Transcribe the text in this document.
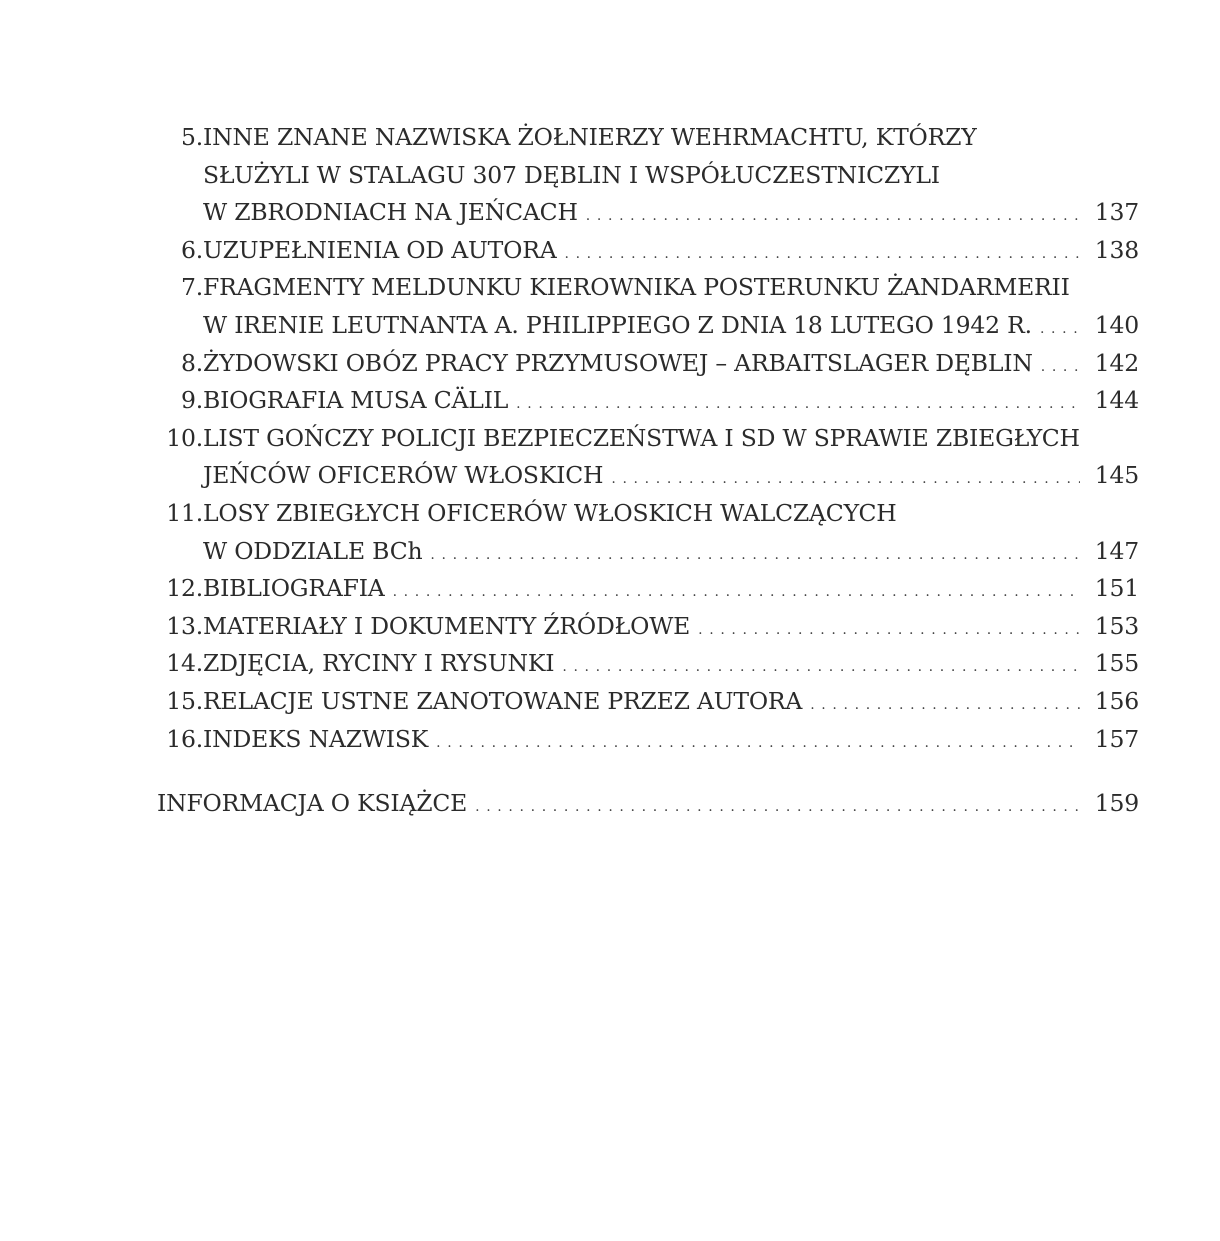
5. INNE ZNANE NAZWISKA ŻOŁNIERZY WEHRMACHTU, KTÓRZY
SŁUŻYLI W STALAGU 307 DĘBLIN I WSPÓŁUCZESTNICZYLI
W ZBRODNIACH NA JEŃCACH . . .	137
6. UZUPEŁNIENIA OD AUTORA . . .	138
7. FRAGMENTY MELDUNKU KIEROWNIKA POSTERUNKU ŻANDARMERII
W IRENIE LEUTNANTA A. PHILIPPIEGO Z DNIA 18 LUTEGO 1942 R. . . .	140
8. ŻYDOWSKI OBÓZ PRACY PRZYMUSOWEJ – ARBAITSLAGER DĘBLIN . . .	142
9. BIOGRAFIA MUSA CÄLIL . . .	144
10. LIST GOŃCZY POLICJI BEZPIECZEŃSTWA I SD W SPRAWIE ZBIEGŁYCH
JEŃCÓW OFICERÓW WŁOSKICH . . .	145
11. LOSY ZBIEGŁYCH OFICERÓW WŁOSKICH WALCZĄCYCH
W ODDZIALE BCh . . .	147
12. BIBLIOGRAFIA . . .	151
13. MATERIAŁY I DOKUMENTY ŹRÓDŁOWE . . .	153
14. ZDJĘCIA, RYCINY I RYSUNKI . . .	155
15. RELACJE USTNE ZANOTOWANE PRZEZ AUTORA . . .	156
16. INDEKS NAZWISK . . .	157
INFORMACJA O KSIĄŻCE . . .	159
